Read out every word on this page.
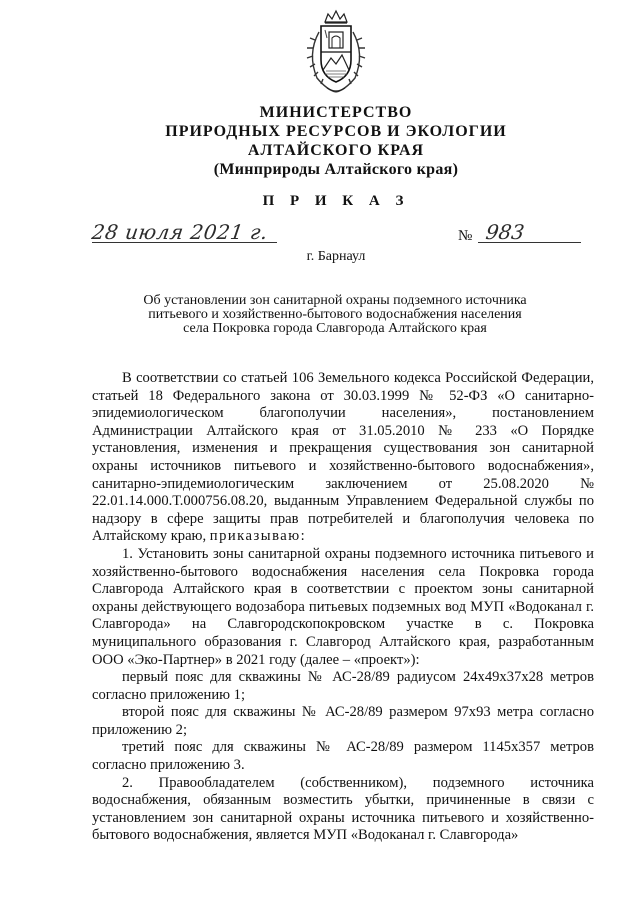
МИНИСТЕРСТВО
ПРИРОДНЫХ РЕСУРСОВ И ЭКОЛОГИИ
АЛТАЙСКОГО КРАЯ
(Минприроды Алтайского края)
П Р И К А З
28 июля 2021 г.	№ 983
г. Барнаул
Об установлении зон санитарной охраны подземного источника
питьевого и хозяйственно-бытового водоснабжения населения
села Покровка города Славгорода Алтайского края

В соответствии со статьей 106 Земельного кодекса Российской Федерации, статьей 18 Федерального закона от 30.03.1999 № 52-ФЗ «О санитарно-эпидемиологическом благополучии населения», постановлением Администрации Алтайского края от 31.05.2010 № 233 «О Порядке установления, изменения и прекращения существования зон санитарной охраны источников питьевого и хозяйственно-бытового водоснабжения», санитарно-эпидемиологическим заключением от 25.08.2020 № 22.01.14.000.Т.000756.08.20, выданным Управлением Федеральной службы по надзору в сфере защиты прав потребителей и благополучия человека по Алтайскому краю, приказываю:

1. Установить зоны санитарной охраны подземного источника питьевого и хозяйственно-бытового водоснабжения населения села Покровка города Славгорода Алтайского края в соответствии с проектом зоны санитарной охраны действующего водозабора питьевых подземных вод МУП «Водоканал г. Славгорода» на Славгородскопокровском участке в с. Покровка муниципального образования г. Славгород Алтайского края, разработанным ООО «Эко-Партнер» в 2021 году (далее – «проект»):

первый пояс для скважины № АС-28/89 радиусом 24х49х37х28 метров согласно приложению 1;

второй пояс для скважины № АС-28/89 размером 97х93 метра согласно приложению 2;

третий пояс для скважины № АС-28/89 размером 1145х357 метров согласно приложению 3.

2. Правообладателем (собственником), подземного источника водоснабжения, обязанным возместить убытки, причиненные в связи с установлением зон санитарной охраны источника питьевого и хозяйственно-бытового водоснабжения, является МУП «Водоканал г. Славгорода»
